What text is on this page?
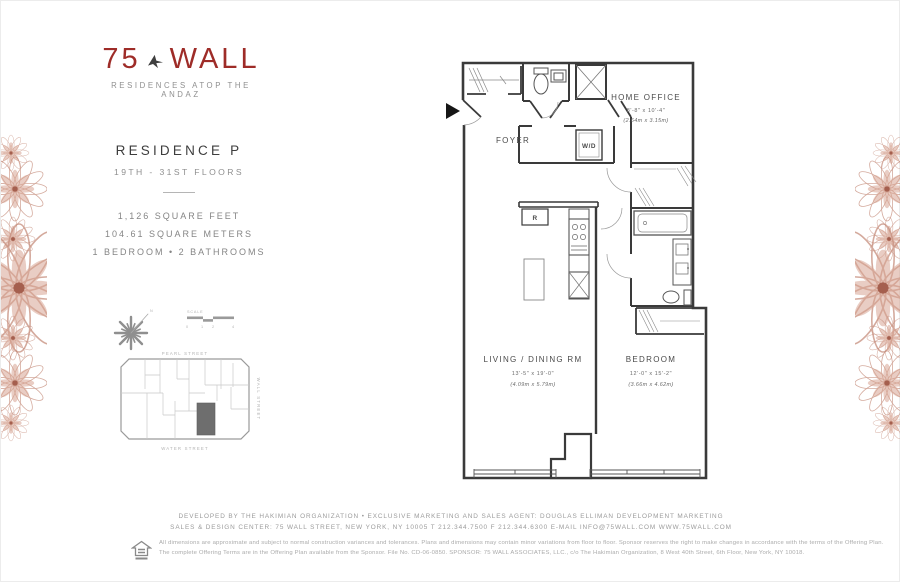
75 WALL
RESIDENCES ATOP THE ANDAZ
RESIDENCE P
19TH - 31ST FLOORS
1,126 SQUARE FEET
104.61 SQUARE METERS
1 BEDROOM • 2 BATHROOMS
N	SCALE
0	1 2	4
PEARL STREET
WATER STREET
WALL STREET
W/D
R
FOYER
HOME OFFICE
8'-8" x 10'-4"
(2.64m x 3.15m)
LIVING / DINING RM
13'-5" x 19'-0"
(4.09m x 5.79m)
BEDROOM
12'-0" x 15'-2"
(3.66m x 4.62m)
DEVELOPED BY THE HAKIMIAN ORGANIZATION • EXCLUSIVE MARKETING AND SALES AGENT: DOUGLAS ELLIMAN DEVELOPMENT MARKETING
SALES & DESIGN CENTER: 75 WALL STREET, NEW YORK, NY 10005 T 212.344.7500 F 212.344.6300 E-MAIL INFO@75WALL.COM WWW.75WALL.COM
All dimensions are approximate and subject to normal construction variances and tolerances. Plans and dimensions may contain minor variations from floor to floor. Sponsor reserves the right to make changes in accordance with the terms of the Offering Plan.
The complete Offering Terms are in the Offering Plan available from the Sponsor. File No. CD-06-0850. SPONSOR: 75 WALL ASSOCIATES, LLC., c/o The Hakimian Organization, 8 West 40th Street, 6th Floor, New York, NY 10018.
